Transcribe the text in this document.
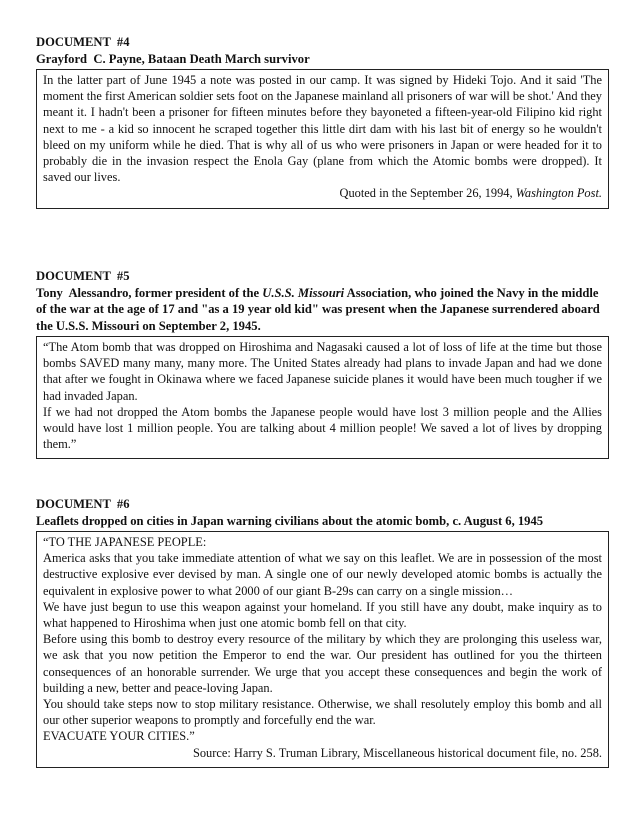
DOCUMENT  #4
Grayford  C. Payne, Bataan Death March survivor

In the latter part of June 1945 a note was posted in our camp. It was signed by Hideki Tojo. And it said 'The moment the first American soldier sets foot on the Japanese mainland all prisoners of war will be shot.' And they meant it. I hadn't been a prisoner for fifteen minutes before they bayoneted a fifteen-year-old Filipino kid right next to me - a kid so innocent he scraped together this little dirt dam with his last bit of energy so he wouldn't bleed on my uniform while he died. That is why all of us who were prisoners in Japan or were headed for it to probably die in the invasion respect the Enola Gay (plane from which the Atomic bombs were dropped). It saved our lives.

Quoted in the September 26, 1994, Washington Post.

DOCUMENT  #5
Tony  Alessandro, former president of the U.S.S. Missouri Association, who joined the Navy in the middle of the war at the age of 17 and "as a 19 year old kid" was present when the Japanese surrendered aboard the U.S.S. Missouri on September 2, 1945.

“The Atom bomb that was dropped on Hiroshima and Nagasaki caused a lot of loss of life at the time but those bombs SAVED many many, many more. The United States already had plans to invade Japan and had we done that after we fought in Okinawa where we faced Japanese suicide planes it would have been much tougher if we had invaded Japan.

If we had not dropped the Atom bombs the Japanese people would have lost 3 million people and the Allies would have lost 1 million people. You are talking about 4 million people! We saved a lot of lives by dropping them.”

DOCUMENT  #6
Leaflets dropped on cities in Japan warning civilians about the atomic bomb, c. August 6, 1945

“TO THE JAPANESE PEOPLE:

America asks that you take immediate attention of what we say on this leaflet. We are in possession of the most destructive explosive ever devised by man. A single one of our newly developed atomic bombs is actually the equivalent in explosive power to what 2000 of our giant B-29s can carry on a single mission…

We have just begun to use this weapon against your homeland. If you still have any doubt, make inquiry as to what happened to Hiroshima when just one atomic bomb fell on that city.

Before using this bomb to destroy every resource of the military by which they are prolonging this useless war, we ask that you now petition the Emperor to end the war. Our president has outlined for you the thirteen consequences of an honorable surrender. We urge that you accept these consequences and begin the work of building a new, better and peace-loving Japan.

You should take steps now to stop military resistance. Otherwise, we shall resolutely employ this bomb and all our other superior weapons to promptly and forcefully end the war.

EVACUATE YOUR CITIES.”

Source: Harry S. Truman Library, Miscellaneous historical document file, no. 258.
